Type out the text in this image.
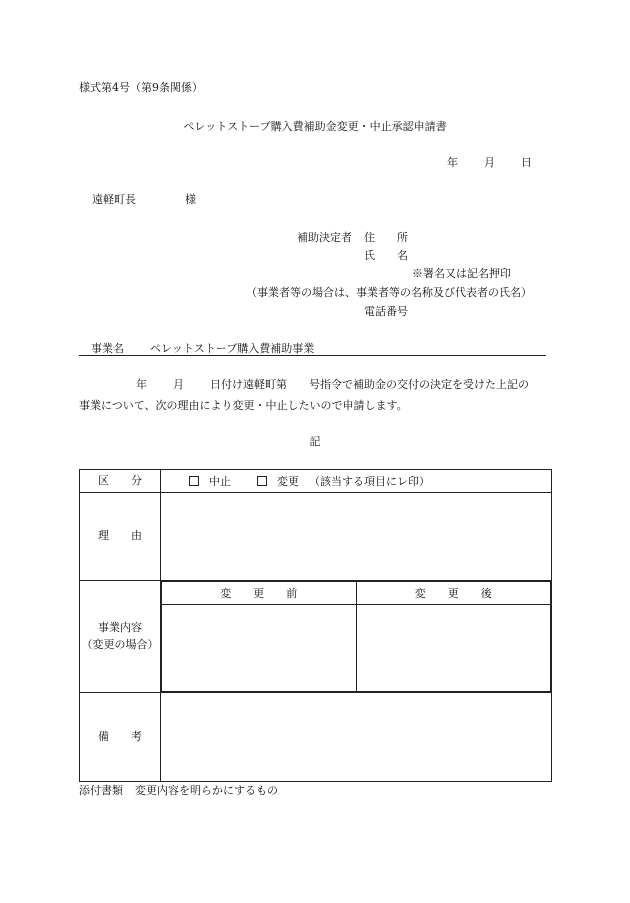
様式第4号（第9条関係）
ペレットストーブ購入費補助金変更・中止承認申請書
年 月 日
遠軽町長	様
補助決定者 住　　所
氏　　名
※署名又は記名押印
（事業者等の場合は、事業者等の名称及び代表者の氏名）
電話番号
事業名 ペレットストーブ購入費補助事業
年 月 日付け遠軽町第 号指令で補助金の交付の決定を受けた上記の
事業について、次の理由により変更・中止したいので申請します。
記
区　　分	中止	変更 （該当する項目にレ印）
理　　由	

事業内容
（変更の場合）

変　　更　　前	変　　更　　後

備　　考	
添付書類 変更内容を明らかにするもの
